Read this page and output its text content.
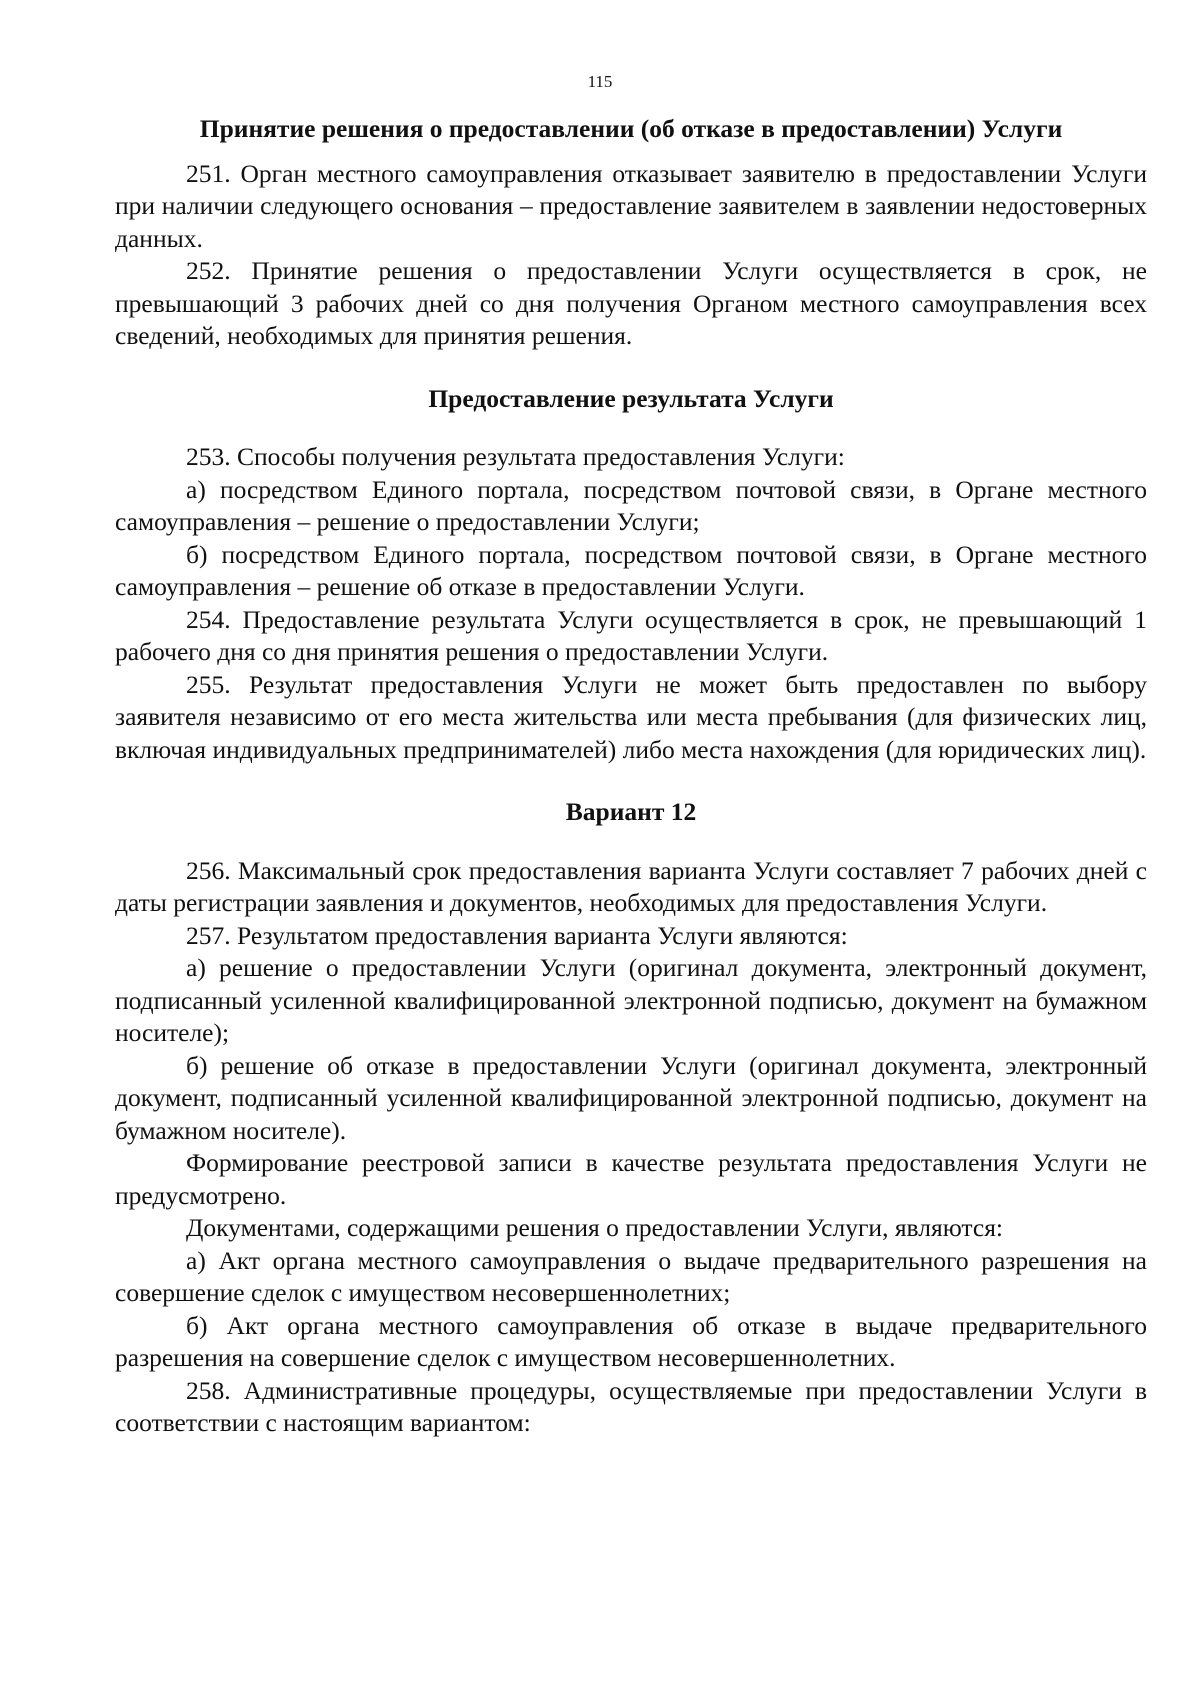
115

Принятие решения о предоставлении (об отказе в предоставлении) Услуги

251. Орган местного самоуправления отказывает заявителю в предоставлении Услуги при наличии следующего основания – предоставление заявителем в заявлении недостоверных данных.

252. Принятие решения о предоставлении Услуги осуществляется в срок, не превышающий 3 рабочих дней со дня получения Органом местного самоуправления всех сведений, необходимых для принятия решения.

Предоставление результата Услуги

253. Способы получения результата предоставления Услуги:

а) посредством Единого портала, посредством почтовой связи, в Органе местного самоуправления – решение о предоставлении Услуги;

б) посредством Единого портала, посредством почтовой связи, в Органе местного самоуправления – решение об отказе в предоставлении Услуги.

254. Предоставление результата Услуги осуществляется в срок, не превышающий 1 рабочего дня со дня принятия решения о предоставлении Услуги.

255. Результат предоставления Услуги не может быть предоставлен по выбору заявителя независимо от его места жительства или места пребывания (для физических лиц, включая индивидуальных предпринимателей) либо места нахождения (для юридических лиц).

Вариант 12

256. Максимальный срок предоставления варианта Услуги составляет 7 рабочих дней с даты регистрации заявления и документов, необходимых для предоставления Услуги.

257. Результатом предоставления варианта Услуги являются:

а) решение о предоставлении Услуги (оригинал документа, электронный документ, подписанный усиленной квалифицированной электронной подписью, документ на бумажном носителе);

б) решение об отказе в предоставлении Услуги (оригинал документа, электронный документ, подписанный усиленной квалифицированной электронной подписью, документ на бумажном носителе).

Формирование реестровой записи в качестве результата предоставления Услуги не предусмотрено.

Документами, содержащими решения о предоставлении Услуги, являются:

а) Акт органа местного самоуправления о выдаче предварительного разрешения на совершение сделок с имуществом несовершеннолетних;

б) Акт органа местного самоуправления об отказе в выдаче предварительного разрешения на совершение сделок с имуществом несовершеннолетних.

258. Административные процедуры, осуществляемые при предоставлении Услуги в соответствии с настоящим вариантом:
